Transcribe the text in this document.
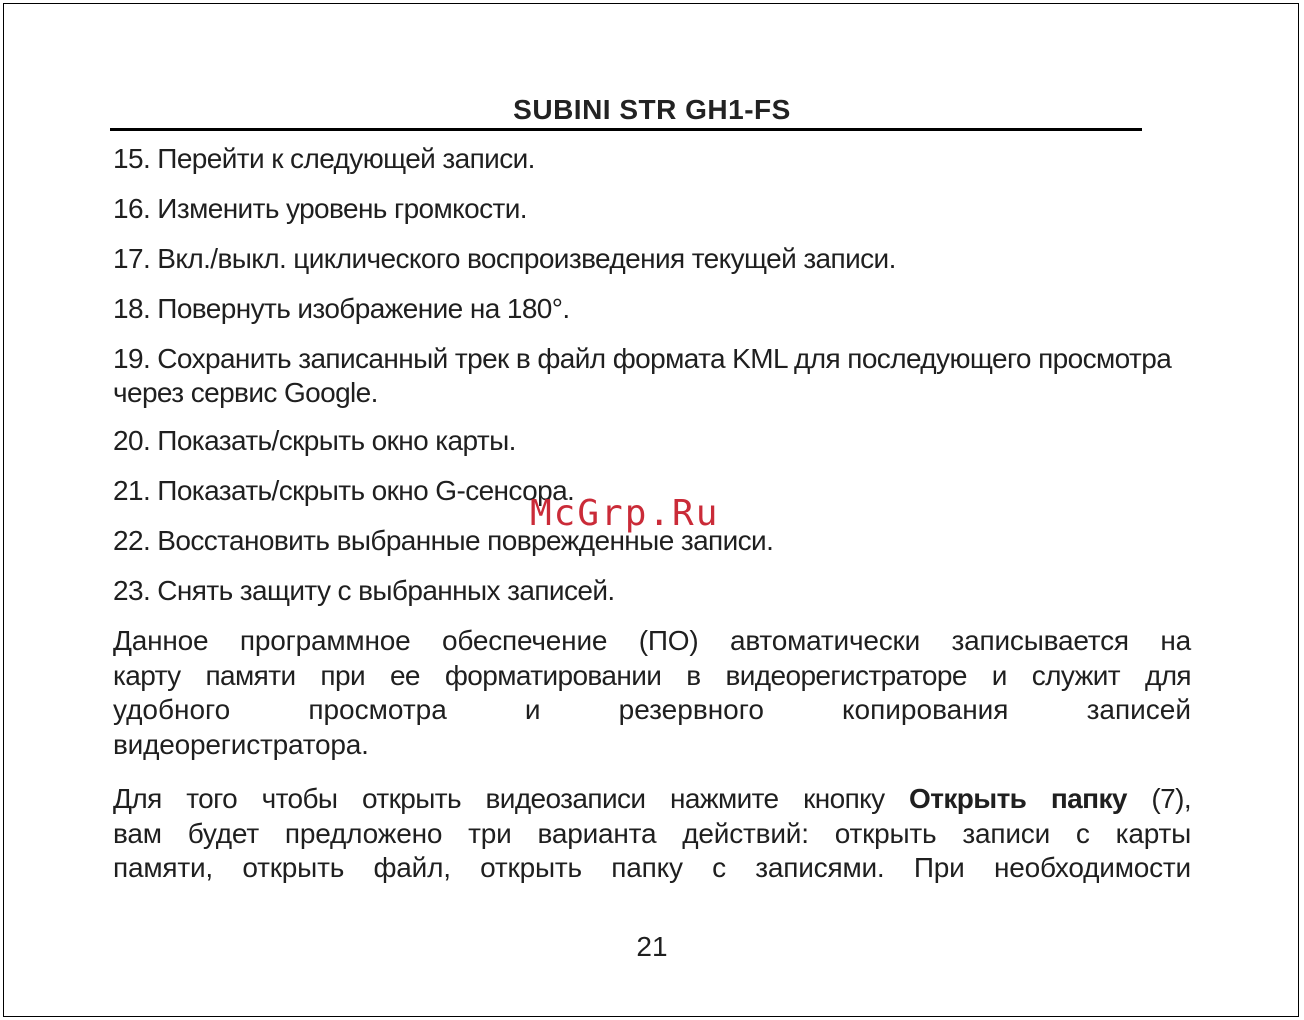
SUBINI STR GH1-FS
15. Перейти к следующей записи.
16. Изменить уровень громкости.
17. Вкл./выкл. циклического воспроизведения текущей записи.
18. Повернуть изображение на 180°.
19. Сохранить записанный трек в файл формата KML для последующего просмотра через сервис Google.
20. Показать/скрыть окно карты.
21. Показать/скрыть окно G-сенсора.
22. Восстановить выбранные поврежденные записи.
23. Снять защиту с выбранных записей.
Данное программное обеспечение (ПО) автоматически записывается на
карту памяти при ее форматировании в видеорегистраторе и служит для
удобного просмотра и резервного копирования записей
видеорегистратора.
Для того чтобы открыть видеозаписи нажмите кнопку Открыть папку (7),
вам будет предложено три варианта действий: открыть записи с карты
памяти, открыть файл, открыть папку с записями. При необходимости
McGrp.Ru
21
